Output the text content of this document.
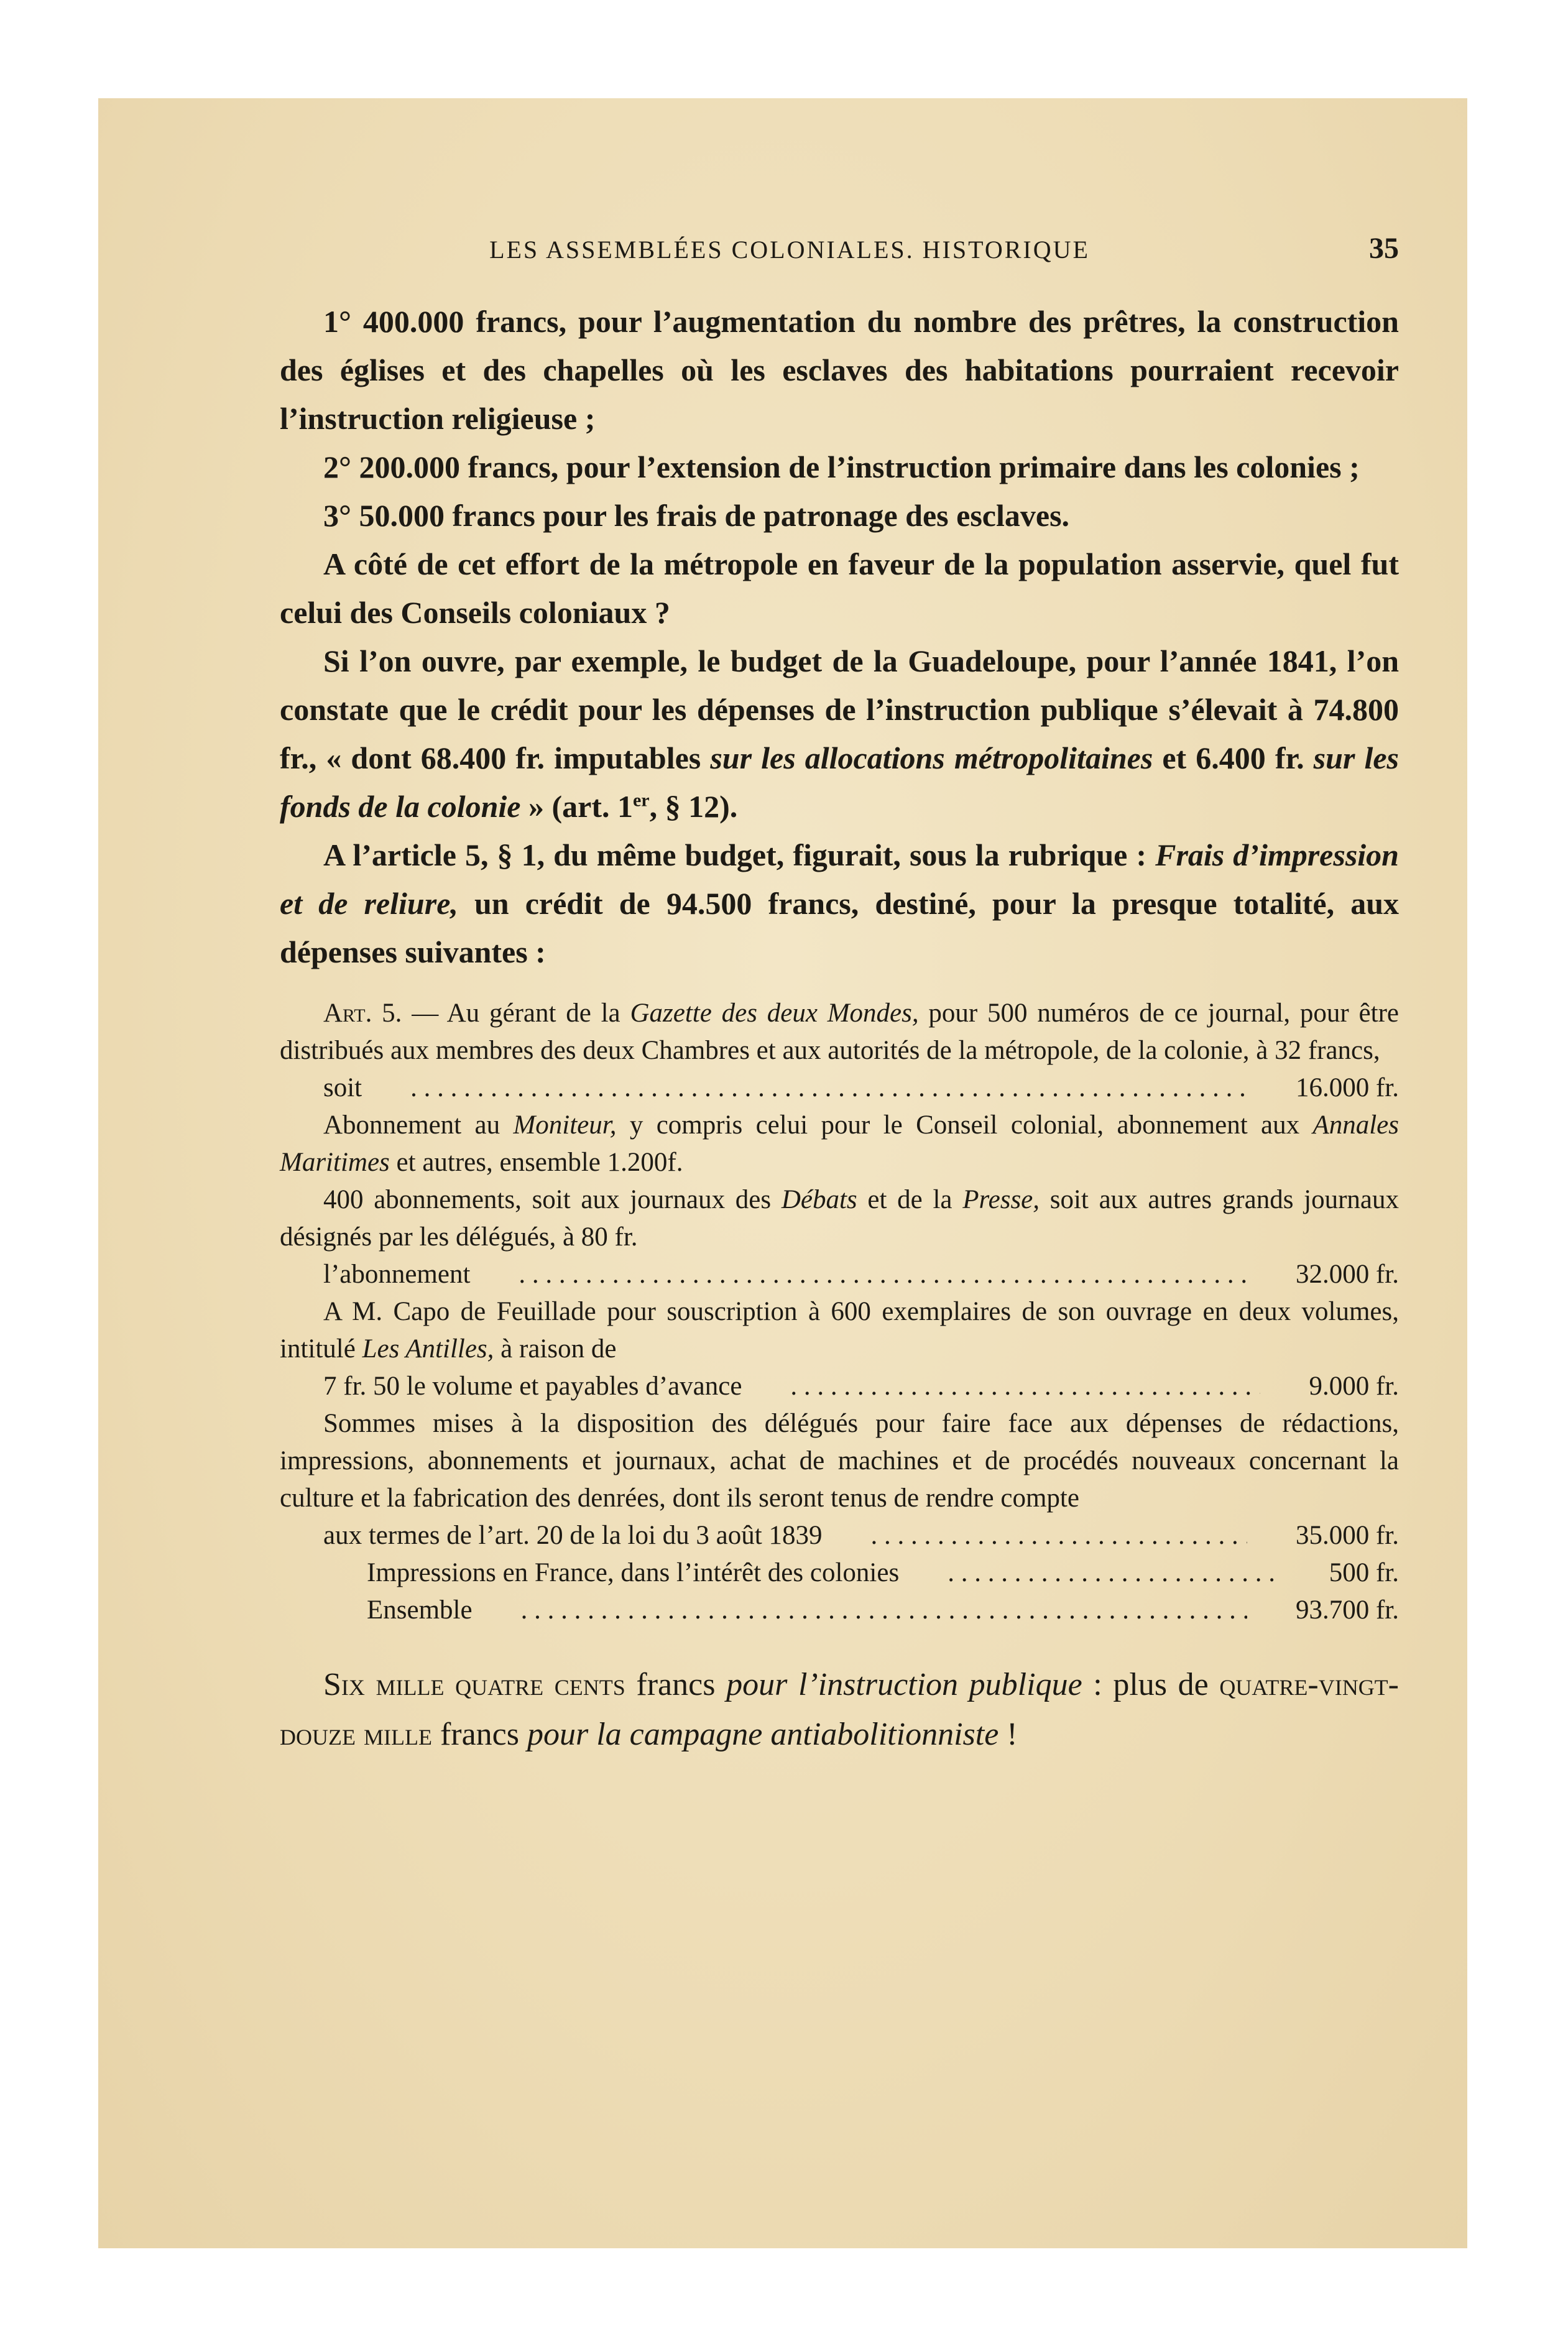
LES ASSEMBLÉES COLONIALES. HISTORIQUE	35

1° 400.000 francs, pour l’augmentation du nombre des prêtres, la construction des églises et des chapelles où les esclaves des habitations pourraient recevoir l’instruction religieuse ;

2° 200.000 francs, pour l’extension de l’instruction primaire dans les colonies ;

3° 50.000 francs pour les frais de patronage des esclaves.

A côté de cet effort de la métropole en faveur de la population asservie, quel fut celui des Conseils coloniaux ?

Si l’on ouvre, par exemple, le budget de la Guadeloupe, pour l’année 1841, l’on constate que le crédit pour les dépenses de l’instruction publique s’élevait à 74.800 fr., « dont 68.400 fr. imputables sur les allocations métropolitaines et 6.400 fr. sur les fonds de la colonie » (art. 1er, § 12).

A l’article 5, § 1, du même budget, figurait, sous la rubrique : Frais d’impression et de reliure, un crédit de 94.500 francs, destiné, pour la presque totalité, aux dépenses suivantes :

Art. 5. — Au gérant de la Gazette des deux Mondes, pour 500 numéros de ce journal, pour être distribués aux membres des deux Chambres et aux autorités de la métropole, de la colonie, à 32 francs,

soit . . .	16.000 fr.

Abonnement au Moniteur, y compris celui pour le Conseil colonial, abonnement aux Annales Maritimes et autres, ensemble 1.200f.

400 abonnements, soit aux journaux des Débats et de la Presse, soit aux autres grands journaux désignés par les délégués, à 80 fr.

l’abonnement . . .	32.000 fr.

A M. Capo de Feuillade pour souscription à 600 exemplaires de son ouvrage en deux volumes, intitulé Les Antilles, à raison de

7 fr. 50 le volume et payables d’avance . . .	9.000 fr.

Sommes mises à la disposition des délégués pour faire face aux dépenses de rédactions, impressions, abonnements et journaux, achat de machines et de procédés nouveaux concernant la culture et la fabrication des denrées, dont ils seront tenus de rendre compte

aux termes de l’art. 20 de la loi du 3 août 1839 . . .	35.000 fr.

Impressions en France, dans l’intérêt des colonies . . .	500 fr.

Ensemble . . .	93.700 fr.

Six mille quatre cents francs pour l’instruction publique : plus de quatre-vingt-douze mille francs pour la campagne antiabolitionniste !
